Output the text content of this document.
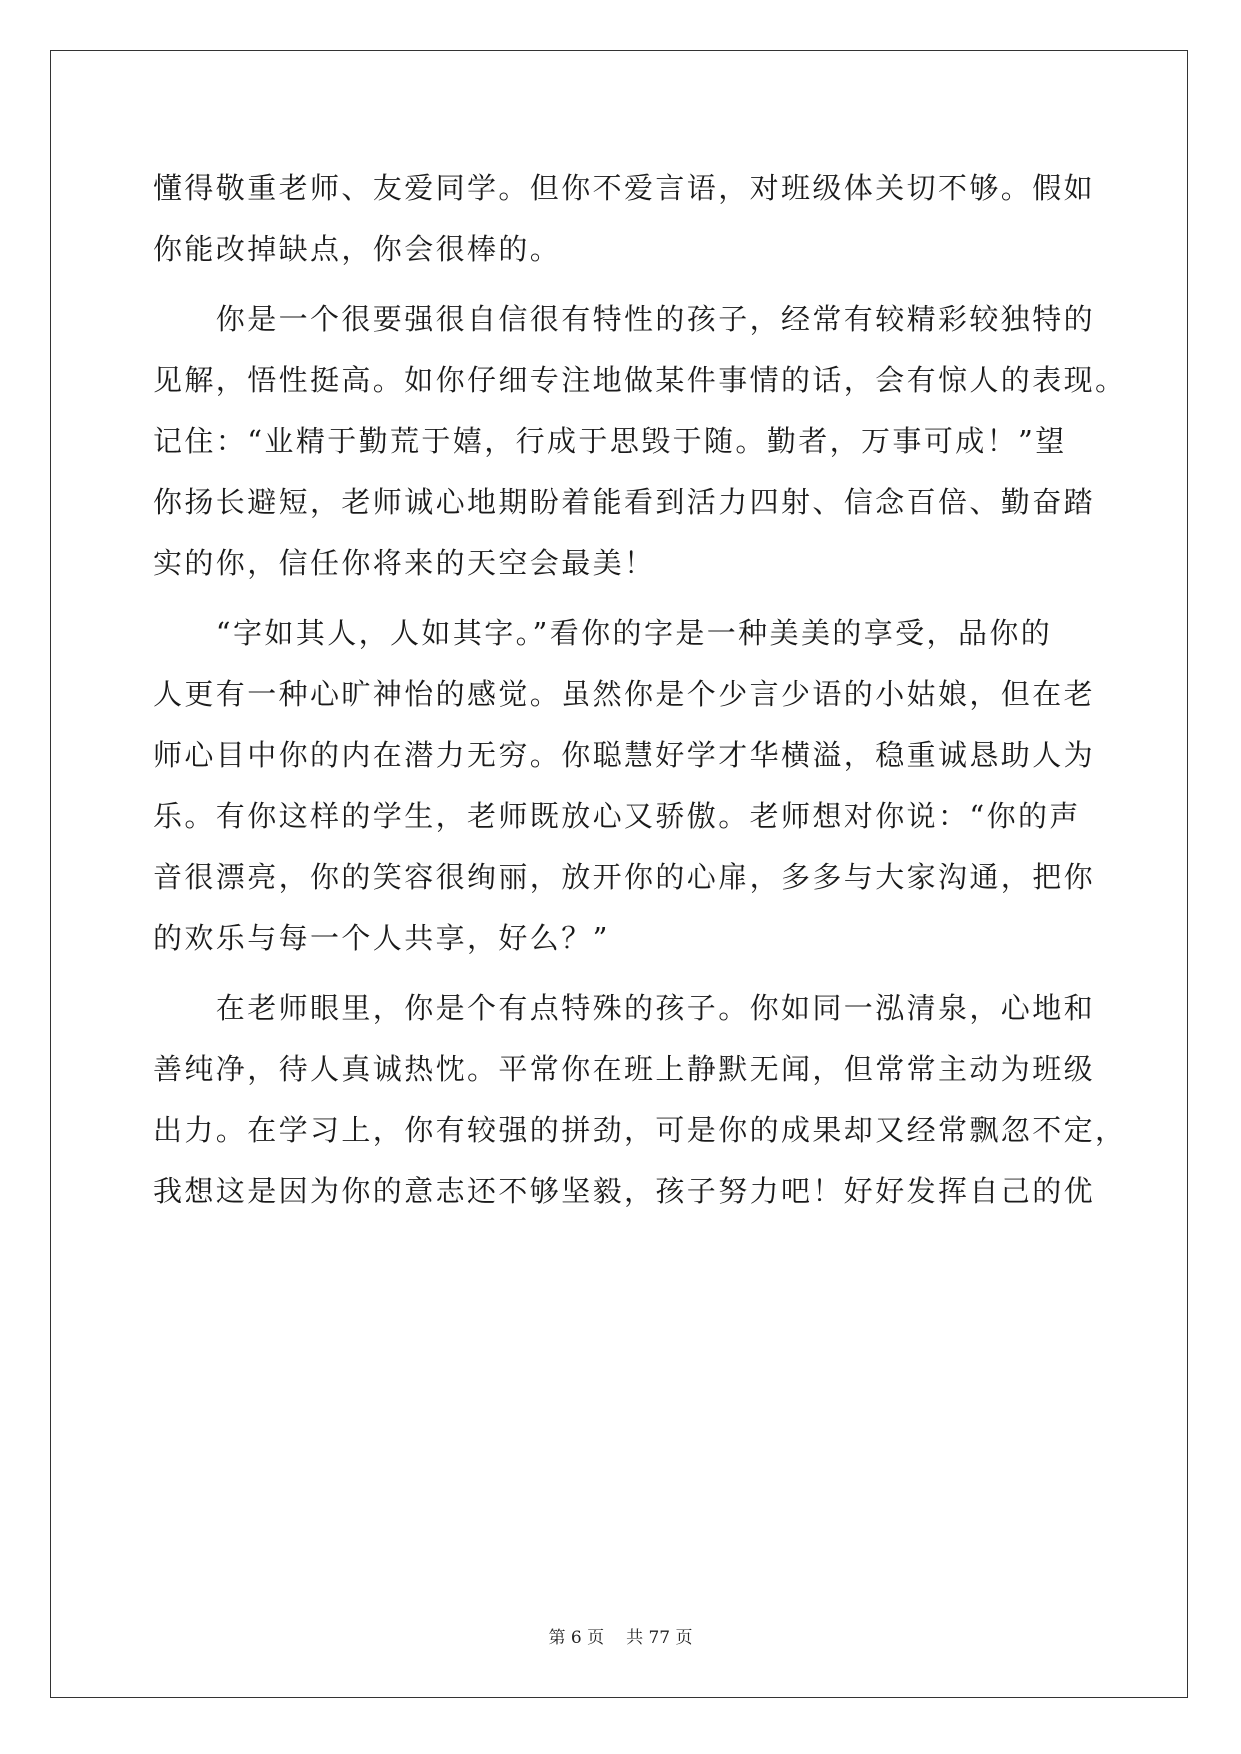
懂得敬重老师、友爱同学。但你不爱言语，对班级体关切不够。假如
你能改掉缺点，你会很棒的。
　　你是一个很要强很自信很有特性的孩子，经常有较精彩较独特的
见解，悟性挺高。如你仔细专注地做某件事情的话，会有惊人的表现。
记住：“业精于勤荒于嬉，行成于思毁于随。勤者，万事可成！”望
你扬长避短，老师诚心地期盼着能看到活力四射、信念百倍、勤奋踏
实的你，信任你将来的天空会最美！
　　“字如其人，人如其字。”看你的字是一种美美的享受，品你的
人更有一种心旷神怡的感觉。虽然你是个少言少语的小姑娘，但在老
师心目中你的内在潜力无穷。你聪慧好学才华横溢，稳重诚恳助人为
乐。有你这样的学生，老师既放心又骄傲。老师想对你说：“你的声
音很漂亮，你的笑容很绚丽，放开你的心扉，多多与大家沟通，把你
的欢乐与每一个人共享，好么？”
　　在老师眼里，你是个有点特殊的孩子。你如同一泓清泉，心地和
善纯净，待人真诚热忱。平常你在班上静默无闻，但常常主动为班级
出力。在学习上，你有较强的拼劲，可是你的成果却又经常飘忽不定，
我想这是因为你的意志还不够坚毅，孩子努力吧！好好发挥自己的优
第 6 页 共 77 页
